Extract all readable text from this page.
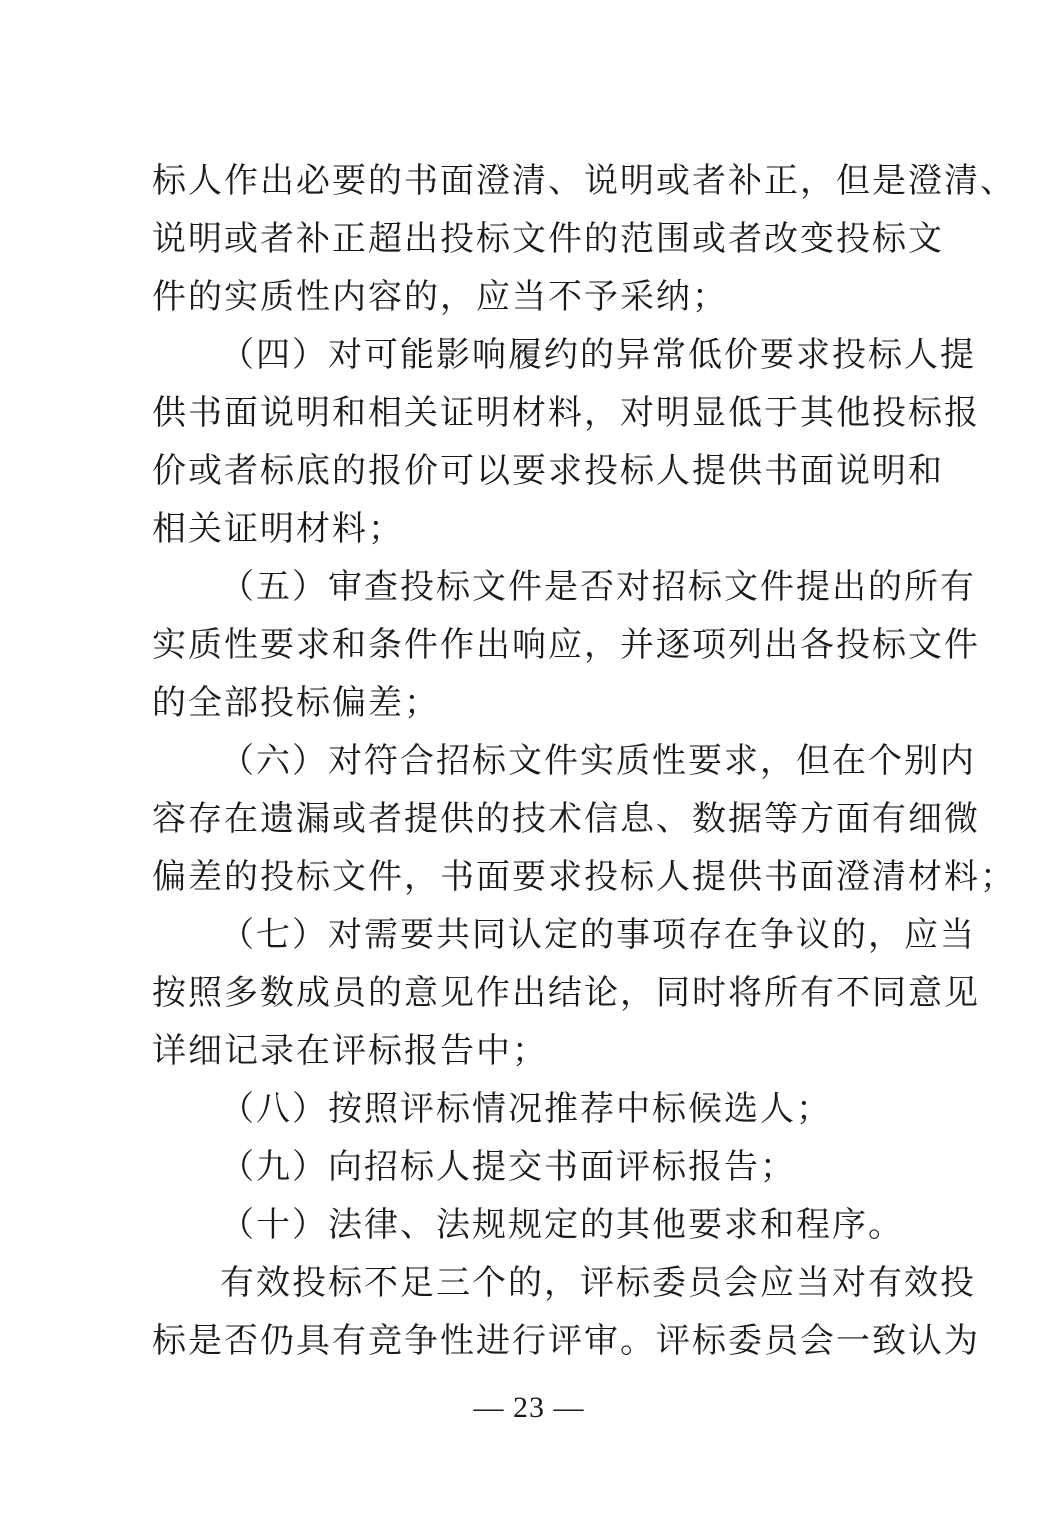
标人作出必要的书面澄清、说明或者补正，但是澄清、
说明或者补正超出投标文件的范围或者改变投标文
件的实质性内容的，应当不予采纳；
（四）对可能影响履约的异常低价要求投标人提
供书面说明和相关证明材料，对明显低于其他投标报
价或者标底的报价可以要求投标人提供书面说明和
相关证明材料；
（五）审查投标文件是否对招标文件提出的所有
实质性要求和条件作出响应，并逐项列出各投标文件
的全部投标偏差；
（六）对符合招标文件实质性要求，但在个别内
容存在遗漏或者提供的技术信息、数据等方面有细微
偏差的投标文件，书面要求投标人提供书面澄清材料；
（七）对需要共同认定的事项存在争议的，应当
按照多数成员的意见作出结论，同时将所有不同意见
详细记录在评标报告中；
（八）按照评标情况推荐中标候选人；
（九）向招标人提交书面评标报告；
（十）法律、法规规定的其他要求和程序。
有效投标不足三个的，评标委员会应当对有效投
标是否仍具有竞争性进行评审。评标委员会一致认为
— 23 —
